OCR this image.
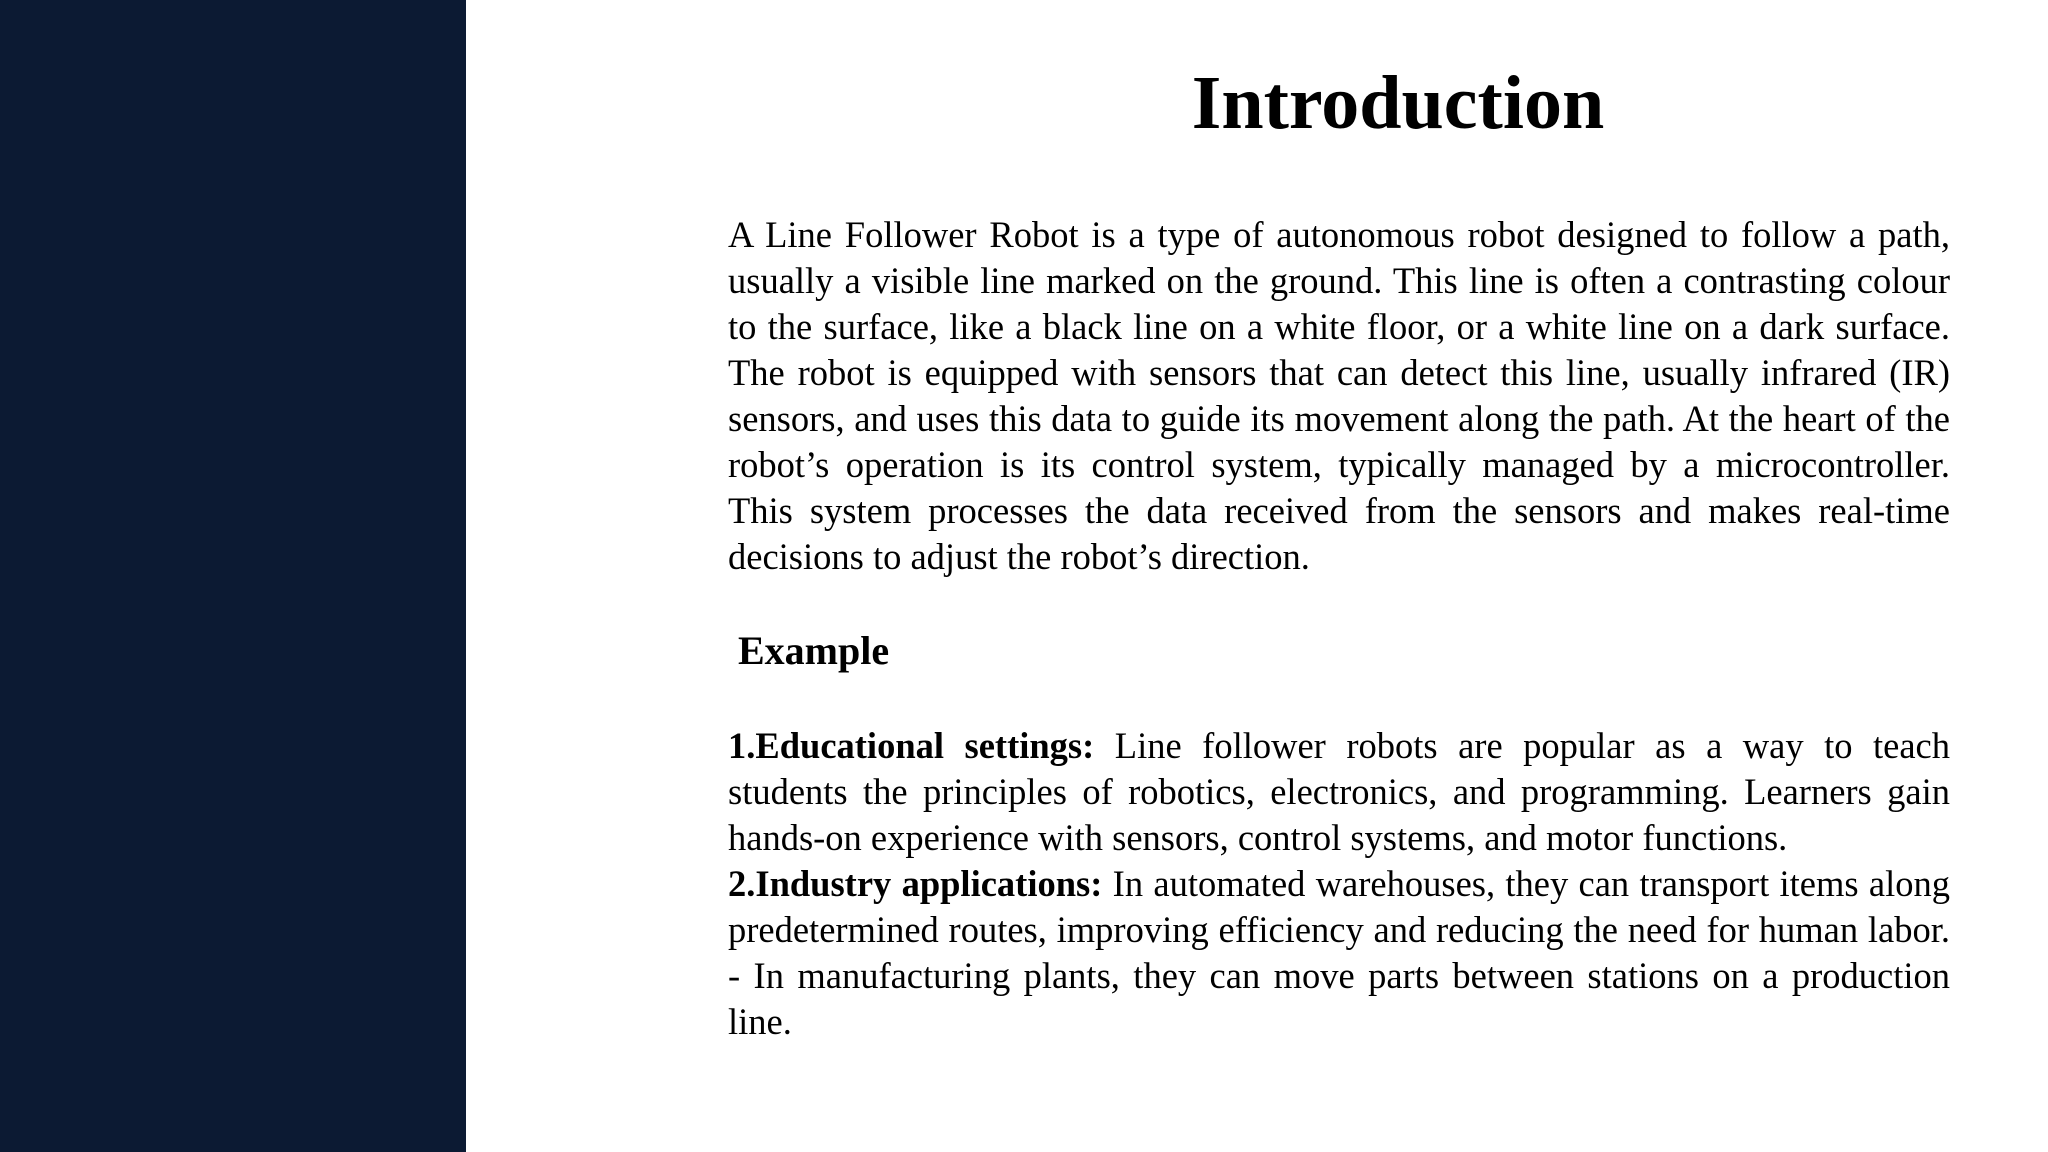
Introduction

A Line Follower Robot is a type of autonomous robot designed to follow a path, usually a visible line marked on the ground. This line is often a contrasting colour to the surface, like a black line on a white floor, or a white line on a dark surface. The robot is equipped with sensors that can detect this line, usually infrared (IR) sensors, and uses this data to guide its movement along the path. At the heart of the robot’s operation is its control system, typically managed by a microcontroller. This system processes the data received from the sensors and makes real-time decisions to adjust the robot’s direction.

Example

1.Educational settings: Line follower robots are popular as a way to teach students the principles of robotics, electronics, and programming. Learners gain hands-on experience with sensors, control systems, and motor functions.

2.Industry applications: In automated warehouses, they can transport items along predetermined routes, improving efficiency and reducing the need for human labor. - In manufacturing plants, they can move parts between stations on a production line.
